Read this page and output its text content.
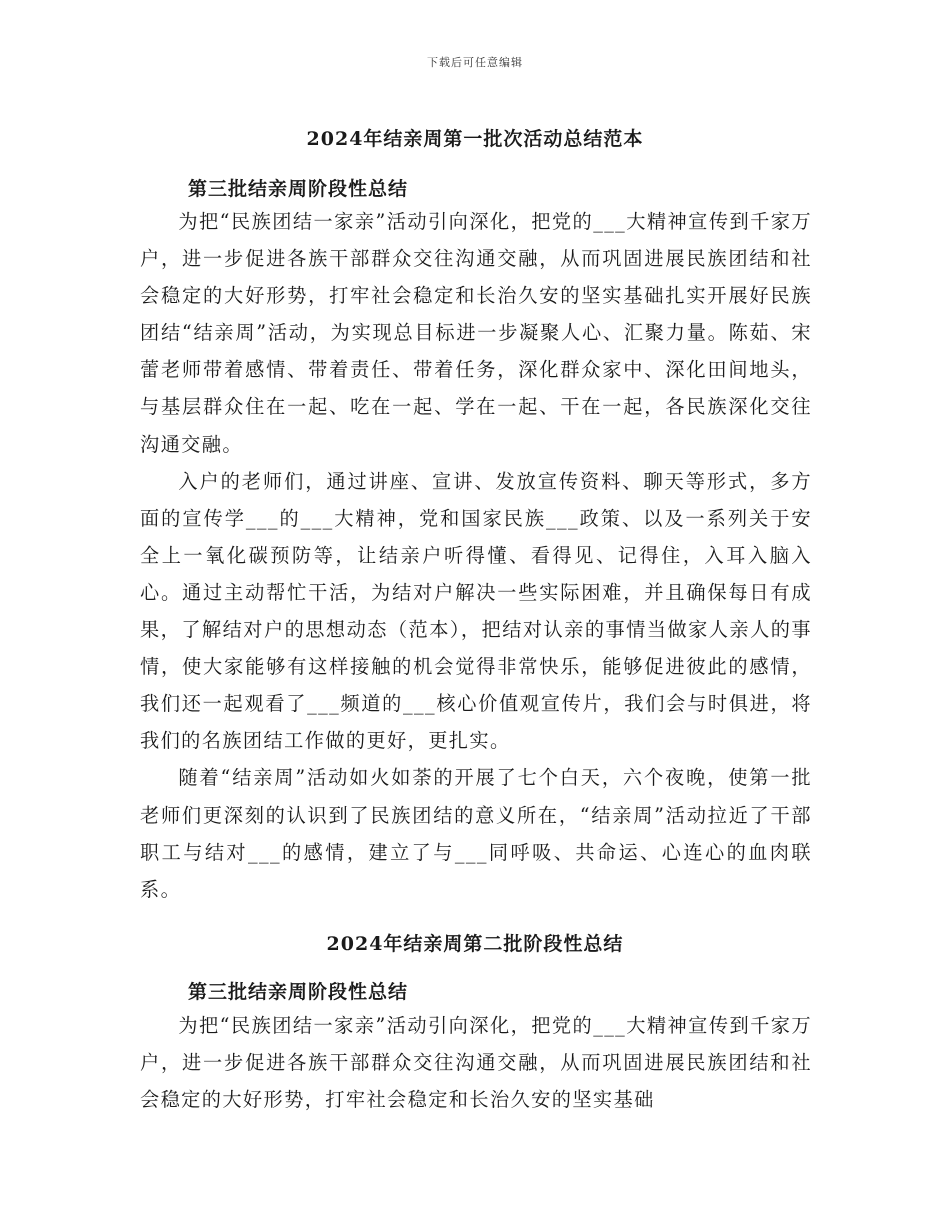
下载后可任意编辑
2024年结亲周第一批次活动总结范本
第三批结亲周阶段性总结

为把“民族团结一家亲”活动引向深化，把党的___大精神宣传到千家万户，进一步促进各族干部群众交往沟通交融，从而巩固进展民族团结和社会稳定的大好形势，打牢社会稳定和长治久安的坚实基础扎实开展好民族团结“结亲周”活动，为实现总目标进一步凝聚人心、汇聚力量。陈茹、宋蕾老师带着感情、带着责任、带着任务，深化群众家中、深化田间地头，与基层群众住在一起、吃在一起、学在一起、干在一起，各民族深化交往沟通交融。

入户的老师们，通过讲座、宣讲、发放宣传资料、聊天等形式，多方面的宣传学___的___大精神，党和国家民族___政策、以及一系列关于安全上一氧化碳预防等，让结亲户听得懂、看得见、记得住，入耳入脑入心。通过主动帮忙干活，为结对户解决一些实际困难，并且确保每日有成果，了解结对户的思想动态（范本），把结对认亲的事情当做家人亲人的事情，使大家能够有这样接触的机会觉得非常快乐，能够促进彼此的感情，我们还一起观看了___频道的___核心价值观宣传片，我们会与时俱进，将我们的名族团结工作做的更好，更扎实。

随着“结亲周”活动如火如荼的开展了七个白天，六个夜晚，使第一批老师们更深刻的认识到了民族团结的意义所在，“结亲周”活动拉近了干部职工与结对___的感情，建立了与___同呼吸、共命运、心连心的血肉联系。

2024年结亲周第二批阶段性总结
第三批结亲周阶段性总结

为把“民族团结一家亲”活动引向深化，把党的___大精神宣传到千家万户，进一步促进各族干部群众交往沟通交融，从而巩固进展民族团结和社会稳定的大好形势，打牢社会稳定和长治久安的坚实基础
